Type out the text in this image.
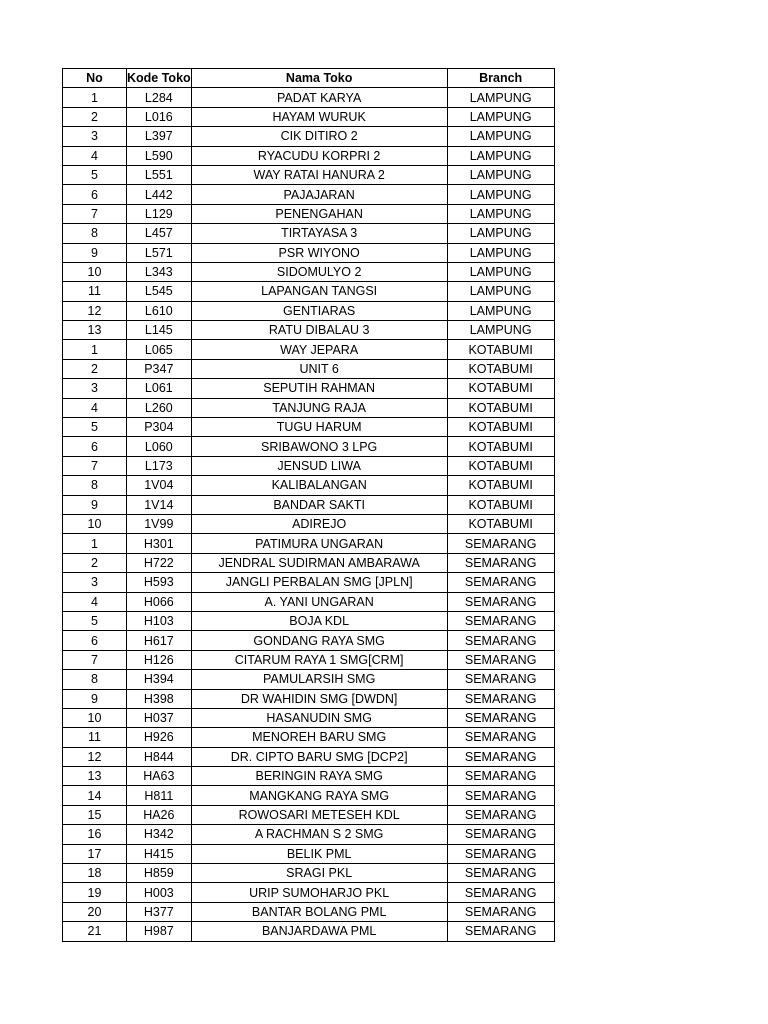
No	Kode Toko	Nama Toko	Branch
1	L284	PADAT KARYA	LAMPUNG
2	L016	HAYAM WURUK	LAMPUNG
3	L397	CIK DITIRO 2	LAMPUNG
4	L590	RYACUDU KORPRI 2	LAMPUNG
5	L551	WAY RATAI HANURA 2	LAMPUNG
6	L442	PAJAJARAN	LAMPUNG
7	L129	PENENGAHAN	LAMPUNG
8	L457	TIRTAYASA 3	LAMPUNG
9	L571	PSR WIYONO	LAMPUNG
10	L343	SIDOMULYO 2	LAMPUNG
11	L545	LAPANGAN TANGSI	LAMPUNG
12	L610	GENTIARAS	LAMPUNG
13	L145	RATU DIBALAU 3	LAMPUNG
1	L065	WAY JEPARA	KOTABUMI
2	P347	UNIT 6	KOTABUMI
3	L061	SEPUTIH RAHMAN	KOTABUMI
4	L260	TANJUNG RAJA	KOTABUMI
5	P304	TUGU HARUM	KOTABUMI
6	L060	SRIBAWONO 3 LPG	KOTABUMI
7	L173	JENSUD LIWA	KOTABUMI
8	1V04	KALIBALANGAN	KOTABUMI
9	1V14	BANDAR SAKTI	KOTABUMI
10	1V99	ADIREJO	KOTABUMI
1	H301	PATIMURA UNGARAN	SEMARANG
2	H722	JENDRAL SUDIRMAN AMBARAWA	SEMARANG
3	H593	JANGLI PERBALAN SMG [JPLN]	SEMARANG
4	H066	A. YANI UNGARAN	SEMARANG
5	H103	BOJA KDL	SEMARANG
6	H617	GONDANG RAYA SMG	SEMARANG
7	H126	CITARUM RAYA 1 SMG[CRM]	SEMARANG
8	H394	PAMULARSIH SMG	SEMARANG
9	H398	DR WAHIDIN SMG [DWDN]	SEMARANG
10	H037	HASANUDIN SMG	SEMARANG
11	H926	MENOREH BARU SMG	SEMARANG
12	H844	DR. CIPTO BARU SMG [DCP2]	SEMARANG
13	HA63	BERINGIN RAYA SMG	SEMARANG
14	H811	MANGKANG RAYA SMG	SEMARANG
15	HA26	ROWOSARI METESEH KDL	SEMARANG
16	H342	A RACHMAN S 2 SMG	SEMARANG
17	H415	BELIK PML	SEMARANG
18	H859	SRAGI PKL	SEMARANG
19	H003	URIP SUMOHARJO PKL	SEMARANG
20	H377	BANTAR BOLANG PML	SEMARANG
21	H987	BANJARDAWA PML	SEMARANG
